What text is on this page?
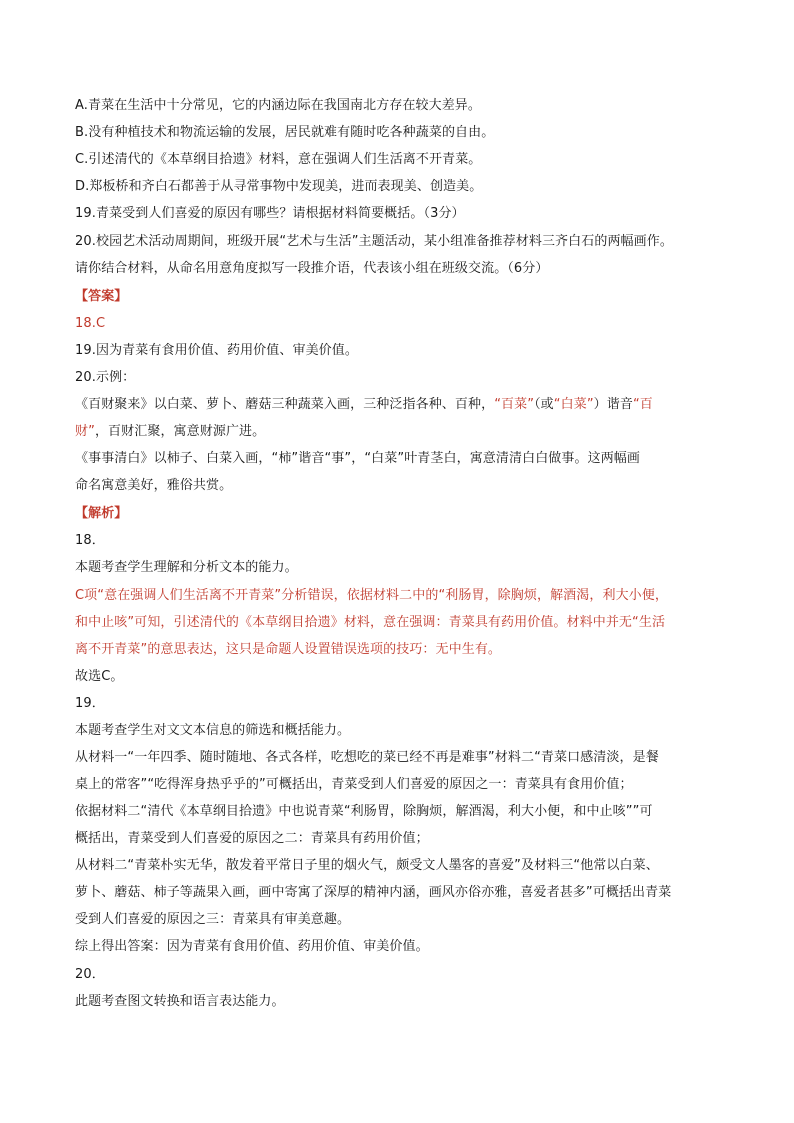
A.青菜在生活中十分常见，它的内涵边际在我国南北方存在较大差异。
B.没有种植技术和物流运输的发展，居民就难有随时吃各种蔬菜的自由。
C.引述清代的《本草纲目拾遗》材料，意在强调人们生活离不开青菜。
D.郑板桥和齐白石都善于从寻常事物中发现美，进而表现美、创造美。
19.青菜受到人们喜爱的原因有哪些？请根据材料简要概括。（3分）
20.校园艺术活动周期间，班级开展“艺术与生活”主题活动，某小组准备推荐材料三齐白石的两幅画作。
请你结合材料，从命名用意角度拟写一段推介语，代表该小组在班级交流。（6分）
【答案】
18.C
19.因为青菜有食用价值、药用价值、审美价值。
20.示例：
《百财聚来》以白菜、萝卜、蘑菇三种蔬菜入画，三种泛指各种、百种，“百菜”（或“白菜”）谐音“百
财”，百财汇聚，寓意财源广进。
《事事清白》以柿子、白菜入画，“柿”谐音“事”，“白菜”叶青茎白，寓意清清白白做事。这两幅画
命名寓意美好，雅俗共赏。
【解析】
18．
本题考查学生理解和分析文本的能力。
C项“意在强调人们生活离不开青菜”分析错误，依据材料二中的“利肠胃，除胸烦，解酒渴，利大小便，
和中止咳”可知，引述清代的《本草纲目拾遗》材料，意在强调：青菜具有药用价值。材料中并无“生活
离不开青菜”的意思表达，这只是命题人设置错误选项的技巧：无中生有。
故选C。
19．
本题考查学生对文文本信息的筛选和概括能力。
从材料一“一年四季、随时随地、各式各样，吃想吃的菜已经不再是难事”材料二“青菜口感清淡，是餐
桌上的常客”“吃得浑身热乎乎的”可概括出，青菜受到人们喜爱的原因之一：青菜具有食用价值；
依据材料二“清代《本草纲目拾遗》中也说青菜“利肠胃，除胸烦，解酒渴，利大小便，和中止咳””可
概括出，青菜受到人们喜爱的原因之二：青菜具有药用价值；
从材料二“青菜朴实无华，散发着平常日子里的烟火气，颇受文人墨客的喜爱”及材料三“他常以白菜、
萝卜、蘑菇、柿子等蔬果入画，画中寄寓了深厚的精神内涵，画风亦俗亦雅，喜爱者甚多”可概括出青菜
受到人们喜爱的原因之三：青菜具有审美意趣。
综上得出答案：因为青菜有食用价值、药用价值、审美价值。
20．
此题考查图文转换和语言表达能力。
